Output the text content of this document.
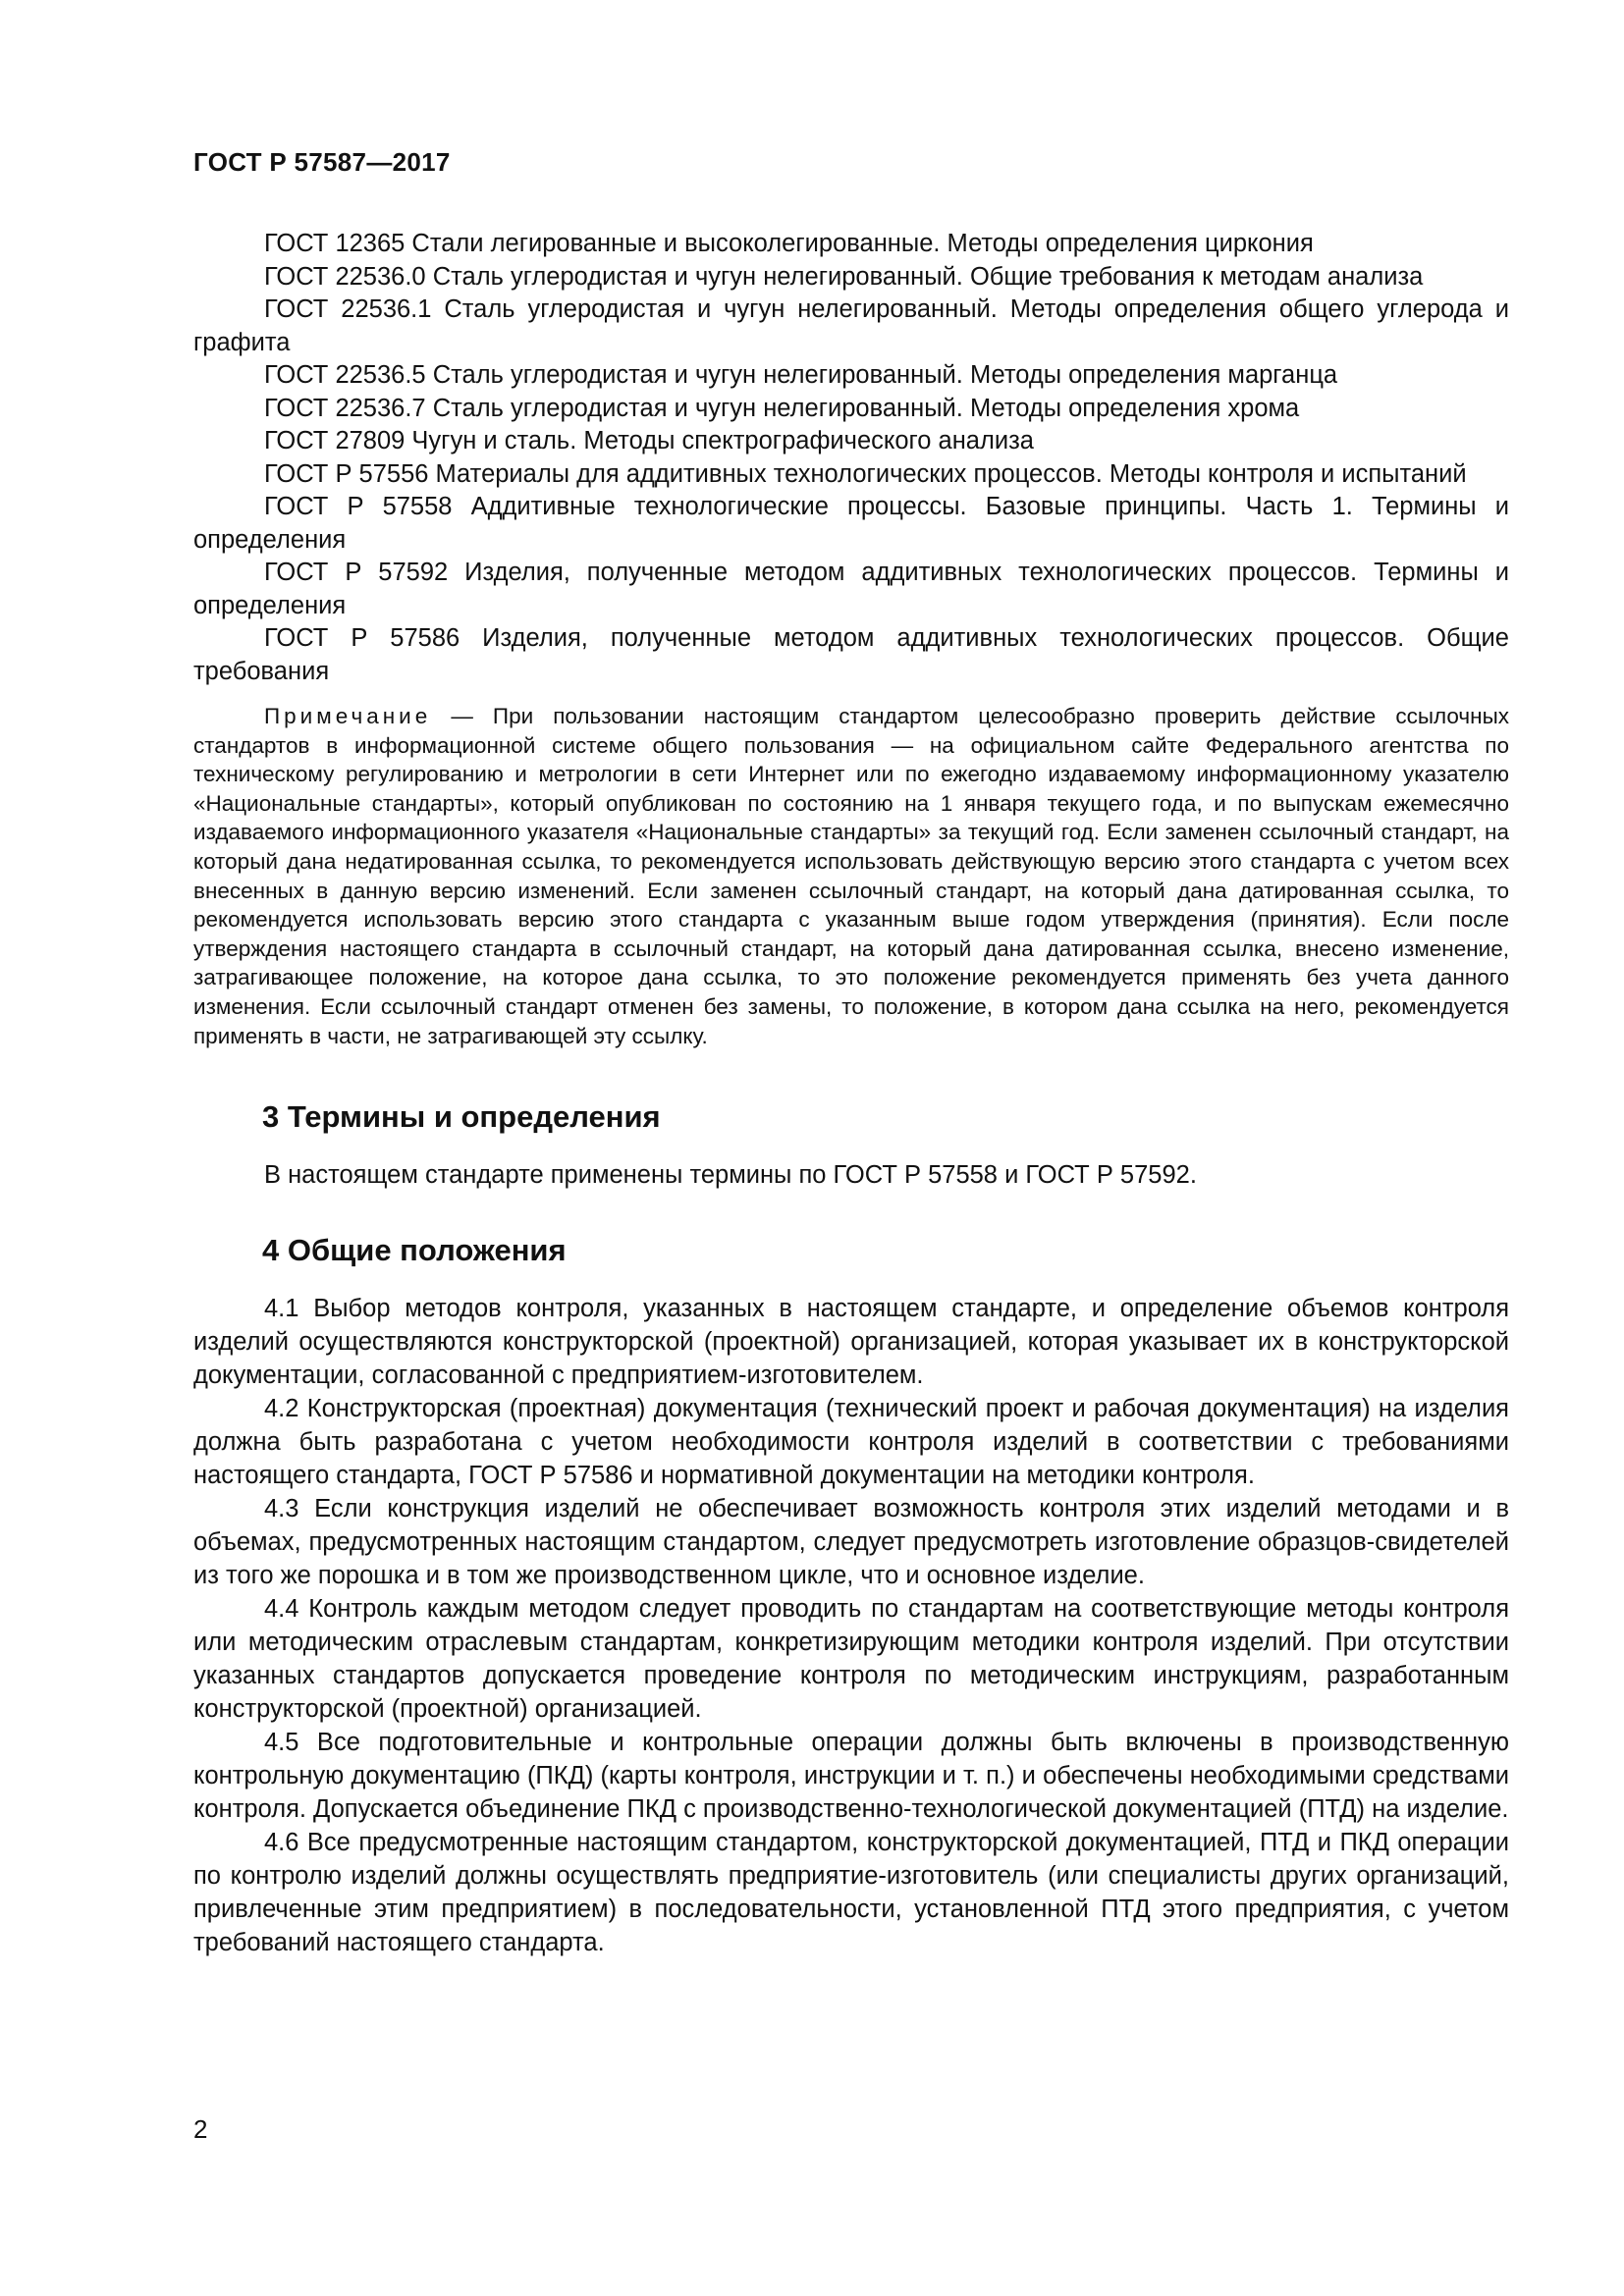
ГОСТ Р 57587—2017

ГОСТ 12365 Стали легированные и высоколегированные. Методы определения циркония

ГОСТ 22536.0 Сталь углеродистая и чугун нелегированный. Общие требования к методам анализа

ГОСТ 22536.1 Сталь углеродистая и чугун нелегированный. Методы определения общего углерода и графита

ГОСТ 22536.5 Сталь углеродистая и чугун нелегированный. Методы определения марганца

ГОСТ 22536.7 Сталь углеродистая и чугун нелегированный. Методы определения хрома

ГОСТ 27809 Чугун и сталь. Методы спектрографического анализа

ГОСТ Р 57556 Материалы для аддитивных технологических процессов. Методы контроля и испытаний

ГОСТ Р 57558 Аддитивные технологические процессы. Базовые принципы. Часть 1. Термины и определения

ГОСТ Р 57592 Изделия, полученные методом аддитивных технологических процессов. Термины и определения

ГОСТ Р 57586 Изделия, полученные методом аддитивных технологических процессов. Общие требования

Примечание — При пользовании настоящим стандартом целесообразно проверить действие ссылочных стандартов в информационной системе общего пользования — на официальном сайте Федерального агентства по техническому регулированию и метрологии в сети Интернет или по ежегодно издаваемому информационному указателю «Национальные стандарты», который опубликован по состоянию на 1 января текущего года, и по выпускам ежемесячно издаваемого информационного указателя «Национальные стандарты» за текущий год. Если заменен ссылочный стандарт, на который дана недатированная ссылка, то рекомендуется использовать действующую версию этого стандарта с учетом всех внесенных в данную версию изменений. Если заменен ссылочный стандарт, на который дана датированная ссылка, то рекомендуется использовать версию этого стандарта с указанным выше годом утверждения (принятия). Если после утверждения настоящего стандарта в ссылочный стандарт, на который дана датированная ссылка, внесено изменение, затрагивающее положение, на которое дана ссылка, то это положение рекомендуется применять без учета данного изменения. Если ссылочный стандарт отменен без замены, то положение, в котором дана ссылка на него, рекомендуется применять в части, не затрагивающей эту ссылку.

3 Термины и определения

В настоящем стандарте применены термины по ГОСТ Р 57558 и ГОСТ Р 57592.

4 Общие положения

4.1 Выбор методов контроля, указанных в настоящем стандарте, и определение объемов контроля изделий осуществляются конструкторской (проектной) организацией, которая указывает их в конструкторской документации, согласованной с предприятием-изготовителем.

4.2 Конструкторская (проектная) документация (технический проект и рабочая документация) на изделия должна быть разработана с учетом необходимости контроля изделий в соответствии с требованиями настоящего стандарта, ГОСТ Р 57586 и нормативной документации на методики контроля.

4.3 Если конструкция изделий не обеспечивает возможность контроля этих изделий методами и в объемах, предусмотренных настоящим стандартом, следует предусмотреть изготовление образцов-свидетелей из того же порошка и в том же производственном цикле, что и основное изделие.

4.4 Контроль каждым методом следует проводить по стандартам на соответствующие методы контроля или методическим отраслевым стандартам, конкретизирующим методики контроля изделий. При отсутствии указанных стандартов допускается проведение контроля по методическим инструкциям, разработанным конструкторской (проектной) организацией.

4.5 Все подготовительные и контрольные операции должны быть включены в производственную контрольную документацию (ПКД) (карты контроля, инструкции и т. п.) и обеспечены необходимыми средствами контроля. Допускается объединение ПКД с производственно-технологической документацией (ПТД) на изделие.

4.6 Все предусмотренные настоящим стандартом, конструкторской документацией, ПТД и ПКД операции по контролю изделий должны осуществлять предприятие-изготовитель (или специалисты других организаций, привлеченные этим предприятием) в последовательности, установленной ПТД этого предприятия, с учетом требований настоящего стандарта.

2
